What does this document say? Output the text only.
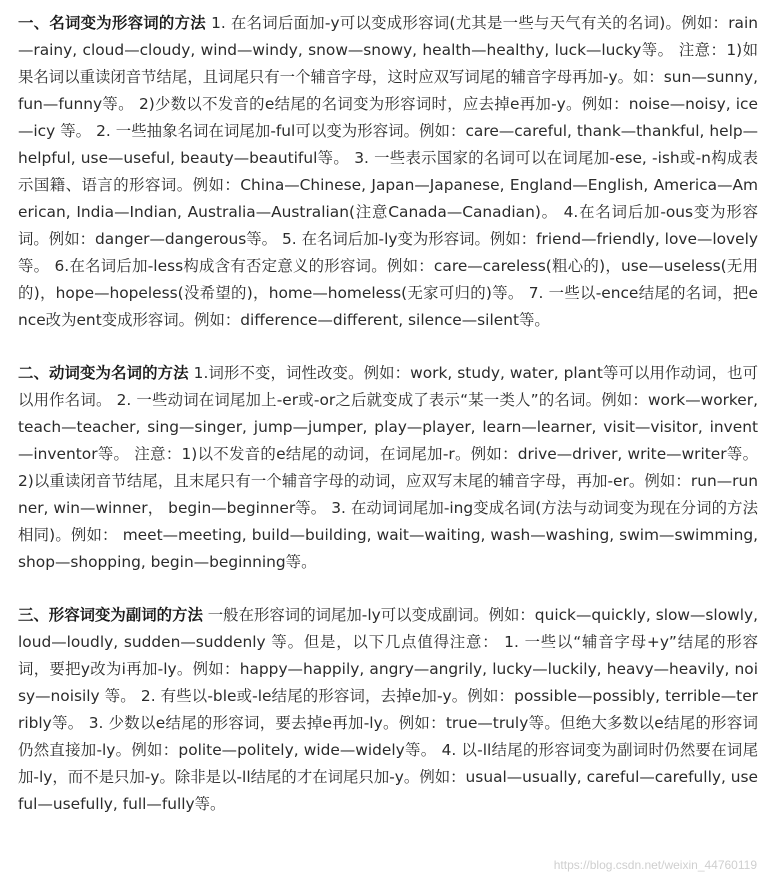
一、名词变为形容词的方法 1. 在名词后面加-y可以变成形容词(尤其是一些与天气有关的名词)。例如：rain—rainy, cloud—cloudy, wind—windy, snow—snowy, health—healthy, luck—lucky等。 注意：1)如果名词以重读闭音节结尾，且词尾只有一个辅音字母，这时应双写词尾的辅音字母再加-y。如：sun—sunny, fun—funny等。 2)少数以不发音的e结尾的名词变为形容词时，应去掉e再加-y。例如：noise—noisy, ice—icy 等。 2. 一些抽象名词在词尾加-ful可以变为形容词。例如：care—careful, thank—thankful, help—helpful, use—useful, beauty—beautiful等。 3. 一些表示国家的名词可以在词尾加-ese, -ish或-n构成表示国籍、语言的形容词。例如：China—Chinese, Japan—Japanese, England—English, America—American, India—Indian, Australia—Australian(注意Canada—Canadian)。 4.在名词后加-ous变为形容词。例如：danger—dangerous等。 5. 在名词后加-ly变为形容词。例如：friend—friendly, love—lovely等。 6.在名词后加-less构成含有否定意义的形容词。例如：care—careless(粗心的)，use—useless(无用的)，hope—hopeless(没希望的)，home—homeless(无家可归的)等。 7. 一些以-ence结尾的名词，把ence改为ent变成形容词。例如：difference—different, silence—silent等。

二、动词变为名词的方法 1.词形不变，词性改变。例如：work, study, water, plant等可以用作动词，也可以用作名词。 2. 一些动词在词尾加上-er或-or之后就变成了表示“某一类人”的名词。例如：work—worker, teach—teacher, sing—singer, jump—jumper, play—player, learn—learner, visit—visitor, invent—inventor等。 注意：1)以不发音的e结尾的动词，在词尾加-r。例如：drive—driver, write—writer等。 2)以重读闭音节结尾，且末尾只有一个辅音字母的动词，应双写末尾的辅音字母，再加-er。例如：run—runner, win—winner， begin—beginner等。 3. 在动词词尾加-ing变成名词(方法与动词变为现在分词的方法相同)。例如： meet—meeting, build—building, wait—waiting, wash—washing, swim—swimming, shop—shopping, begin—beginning等。

三、形容词变为副词的方法 一般在形容词的词尾加-ly可以变成副词。例如：quick—quickly, slow—slowly, loud—loudly, sudden—suddenly 等。但是，以下几点值得注意： 1. 一些以“辅音字母+y”结尾的形容词，要把y改为i再加-ly。例如：happy—happily, angry—angrily, lucky—luckily, heavy—heavily, noisy—noisily 等。 2. 有些以-ble或-le结尾的形容词，去掉e加-y。例如：possible—possibly, terrible—terribly等。 3. 少数以e结尾的形容词，要去掉e再加-ly。例如：true—truly等。但绝大多数以e结尾的形容词仍然直接加-ly。例如：polite—politely, wide—widely等。 4. 以-ll结尾的形容词变为副词时仍然要在词尾加-ly，而不是只加-y。除非是以-ll结尾的才在词尾只加-y。例如：usual—usually, careful—carefully, useful—usefully, full—fully等。

https://blog.csdn.net/weixin_44760119
